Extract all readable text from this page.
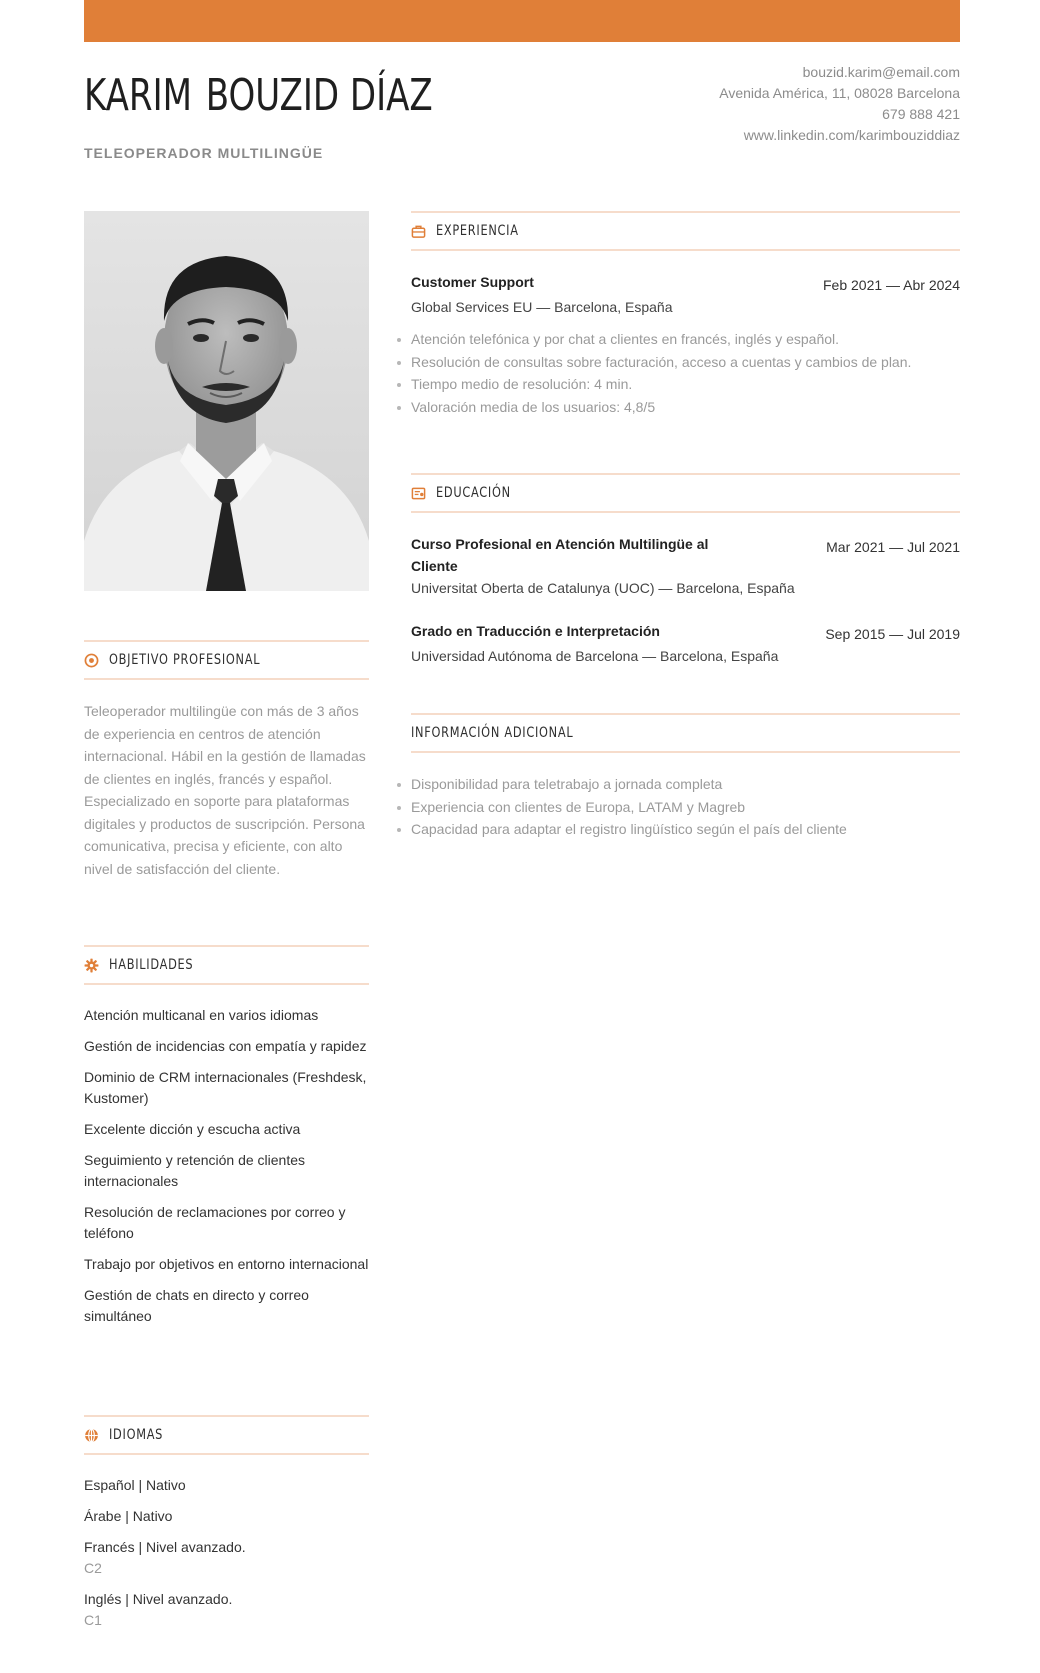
KARIM BOUZID DÍAZ
TELEOPERADOR MULTILINGÜE
bouzid.karim@email.com
Avenida América, 11, 08028 Barcelona
679 888 421
www.linkedin.com/karimbouziddiaz
OBJETIVO PROFESIONAL

Teleoperador multilingüe con más de 3 años de experiencia en centros de atención internacional. Hábil en la gestión de llamadas de clientes en inglés, francés y español. Especializado en soporte para plataformas digitales y productos de suscripción. Persona comunicativa, precisa y eficiente, con alto nivel de satisfacción del cliente.

HABILIDADES
Atención multicanal en varios idiomas
Gestión de incidencias con empatía y rapidez
Dominio de CRM internacionales (Freshdesk, Kustomer)
Excelente dicción y escucha activa
Seguimiento y retención de clientes internacionales
Resolución de reclamaciones por correo y teléfono
Trabajo por objetivos en entorno internacional
Gestión de chats en directo y correo simultáneo
IDIOMAS
Español | Nativo
Árabe | Nativo
Francés | Nivel avanzado.
C2
Inglés | Nivel avanzado.
C1
EXPERIENCIA
Customer Support
Global Services EU — Barcelona, España
Feb 2021 — Abr 2024
Atención telefónica y por chat a clientes en francés, inglés y español.
Resolución de consultas sobre facturación, acceso a cuentas y cambios de plan.
Tiempo medio de resolución: 4 min.
Valoración media de los usuarios: 4,8/5
EDUCACIÓN
Curso Profesional en Atención Multilingüe al Cliente
Universitat Oberta de Catalunya (UOC) — Barcelona, España
Mar 2021 — Jul 2021
Grado en Traducción e Interpretación
Universidad Autónoma de Barcelona — Barcelona, España
Sep 2015 — Jul 2019
INFORMACIÓN ADICIONAL
Disponibilidad para teletrabajo a jornada completa
Experiencia con clientes de Europa, LATAM y Magreb
Capacidad para adaptar el registro lingüístico según el país del cliente
